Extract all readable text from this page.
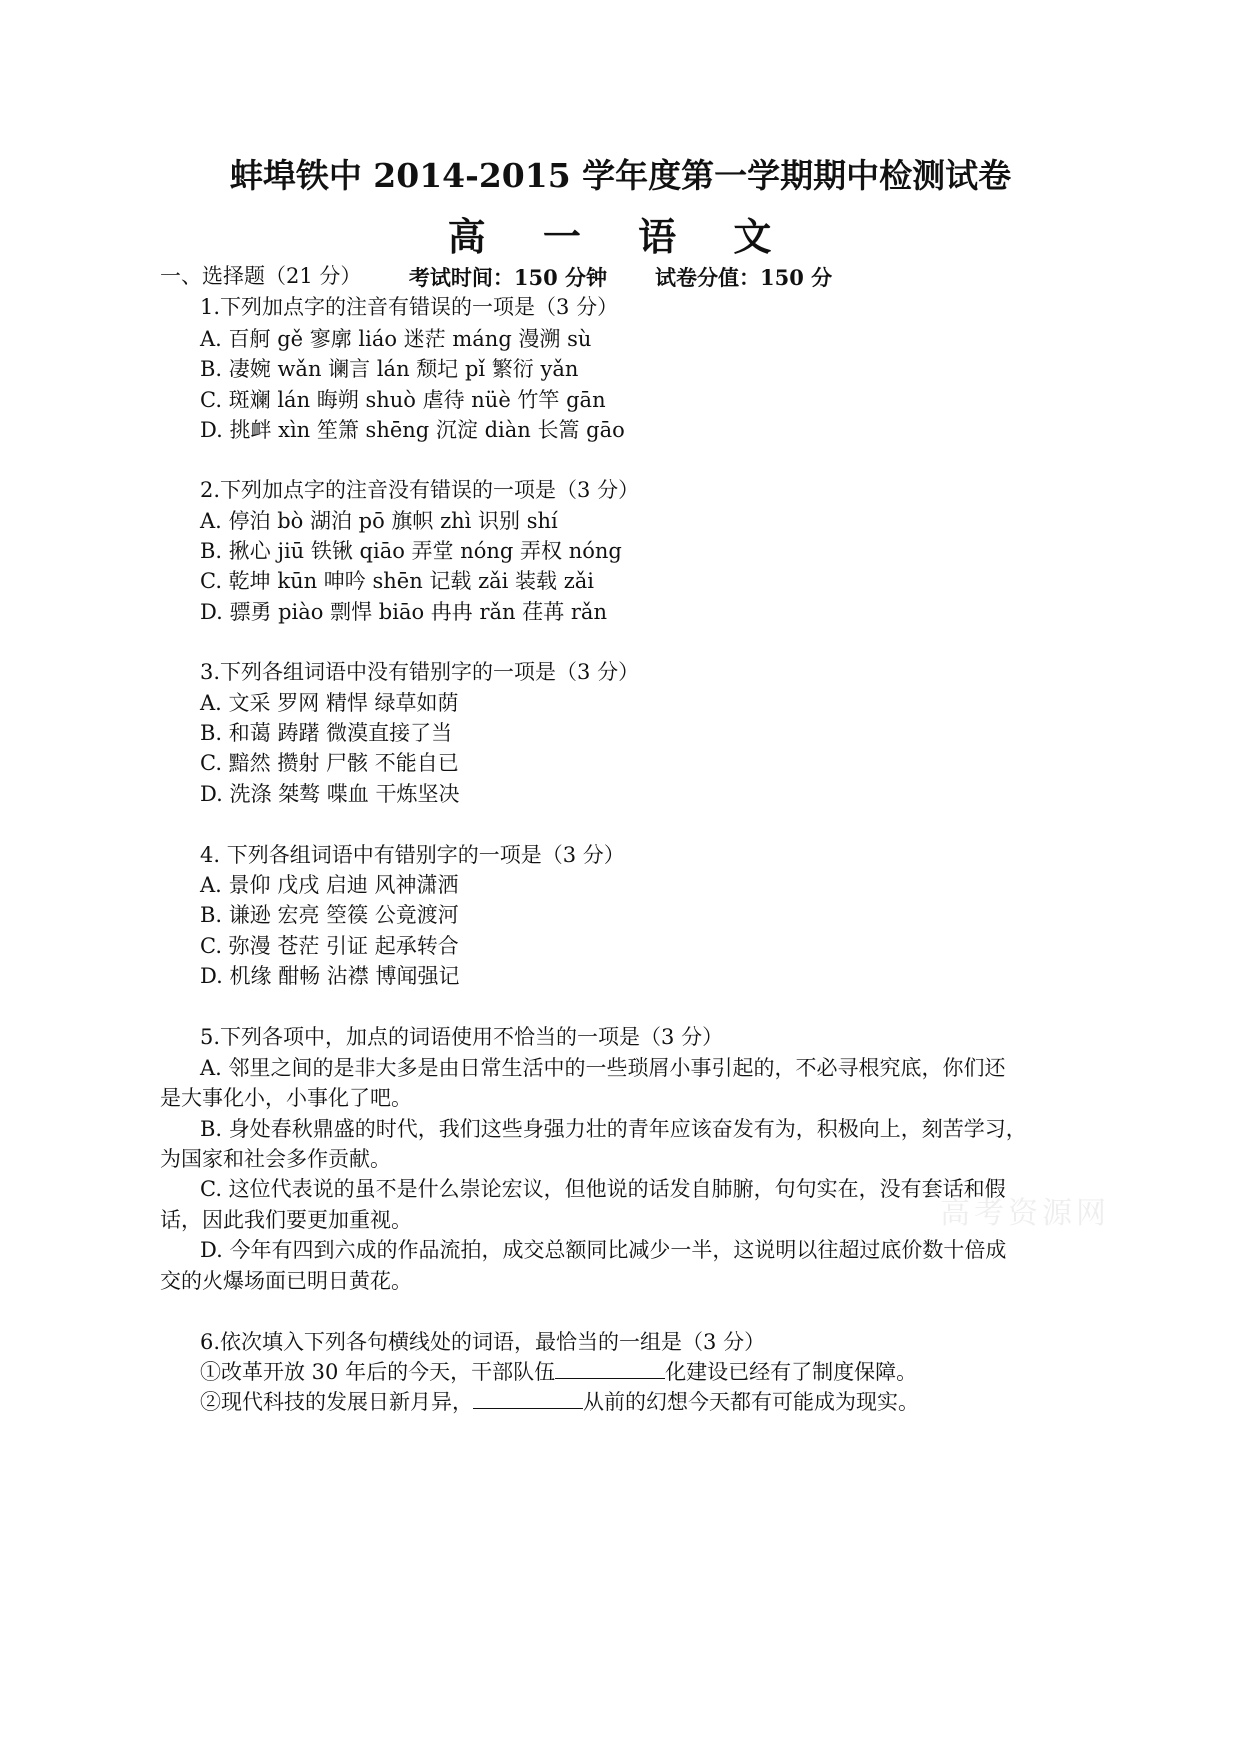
蚌埠铁中 2014-2015 学年度第一学期期中检测试卷
高 一 语 文
考试时间：150 分钟 试卷分值：150 分
一、选择题（21 分）
1.下列加点字的注音有错误的一项是（3 分）
A. 百舸 gě 寥廓 liáo 迷茫 máng 漫溯 sù
B. 凄婉 wǎn 谰言 lán 颓圮 pǐ 繁衍 yǎn
C. 斑斓 lán 晦朔 shuò 虐待 nüè 竹竿 gān
D. 挑衅 xìn 笙箫 shēng 沉淀 diàn 长篙 gāo
2.下列加点字的注音没有错误的一项是（3 分）
A. 停泊 bò 湖泊 pō 旗帜 zhì 识别 shí
B. 揪心 jiū 铁锹 qiāo 弄堂 nóng 弄权 nóng
C. 乾坤 kūn 呻吟 shēn 记载 zǎi 装载 zǎi
D. 骠勇 piào 剽悍 biāo 冉冉 rǎn 荏苒 rǎn
3.下列各组词语中没有错别字的一项是（3 分）
A. 文采 罗网 精悍 绿草如荫
B. 和蔼 踌躇 微漠直接了当
C. 黯然 攒射 尸骸 不能自已
D. 洗涤 桀骜 喋血 干炼坚决
4. 下列各组词语中有错别字的一项是（3 分）
A. 景仰 戊戌 启迪 风神潇洒
B. 谦逊 宏亮 箜篌 公竟渡河
C. 弥漫 苍茫 引证 起承转合
D. 机缘 酣畅 沾襟 博闻强记
5.下列各项中，加点的词语使用不恰当的一项是（3 分）
A. 邻里之间的是非大多是由日常生活中的一些琐屑小事引起的，不必寻根究底，你们还
是大事化小，小事化了吧。
B. 身处春秋鼎盛的时代，我们这些身强力壮的青年应该奋发有为，积极向上，刻苦学习，
为国家和社会多作贡献。
C. 这位代表说的虽不是什么崇论宏议，但他说的话发自肺腑，句句实在，没有套话和假
话，因此我们要更加重视。
D. 今年有四到六成的作品流拍，成交总额同比减少一半，这说明以往超过底价数十倍成
交的火爆场面已明日黄花。
6.依次填入下列各句横线处的词语，最恰当的一组是（3 分）
①改革开放 30 年后的今天，干部队伍	化建设已经有了制度保障。
②现代科技的发展日新月异，	从前的幻想今天都有可能成为现实。
高考资源网
